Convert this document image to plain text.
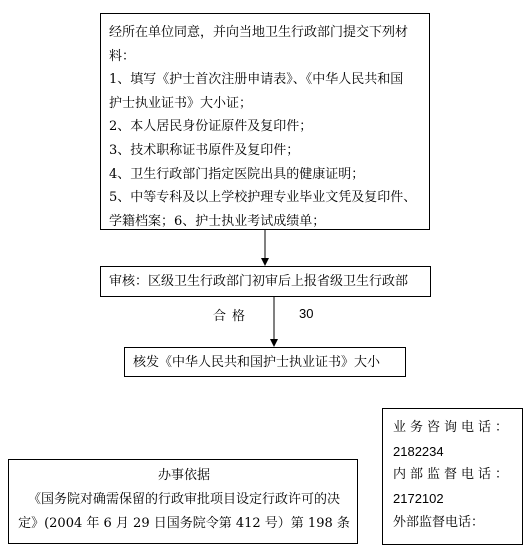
经所在单位同意，并向当地卫生行政部门提交下列材
料：
1、填写《护士首次注册申请表》、《中华人民共和国
护士执业证书》大小证；
2、本人居民身份证原件及复印件；
3、技术职称证书原件及复印件；
4、卫生行政部门指定医院出具的健康证明；
5、中等专科及以上学校护理专业毕业文凭及复印件、
学籍档案；6、护士执业考试成绩单；
审核：区级卫生行政部门初审后上报省级卫生行政部
合格	30
核发《中华人民共和国护士执业证书》大小
办事依据
《国务院对确需保留的行政审批项目设定行政许可的决
定》(2004 年 6 月 29 日国务院令第 412 号）第 198 条
业务咨询电话：
2182234
内部监督电话：
2172102
外部监督电话：
